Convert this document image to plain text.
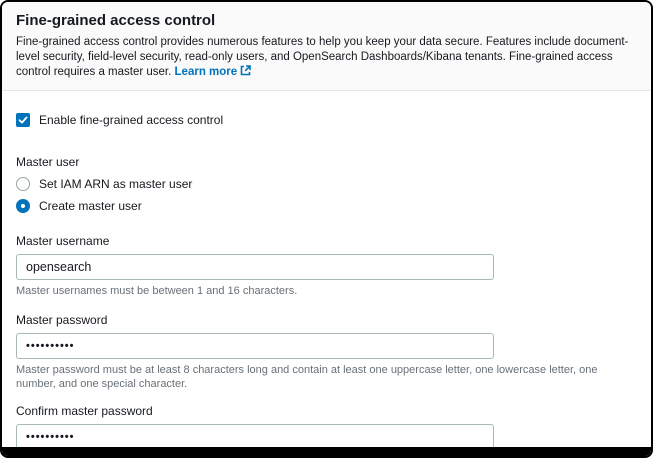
Fine-grained access control
Fine-grained access control provides numerous features to help you keep your data secure. Features include document-level security, field-level security, read-only users, and OpenSearch Dashboards/Kibana tenants. Fine-grained access control requires a master user. Learn more
Enable fine-grained access control
Master user
Set IAM ARN as master user
Create master user
Master username
opensearch
Master usernames must be between 1 and 16 characters.
Master password
••••••••••
Master password must be at least 8 characters long and contain at least one uppercase letter, one lowercase letter, one number, and one special character.
Confirm master password
••••••••••
